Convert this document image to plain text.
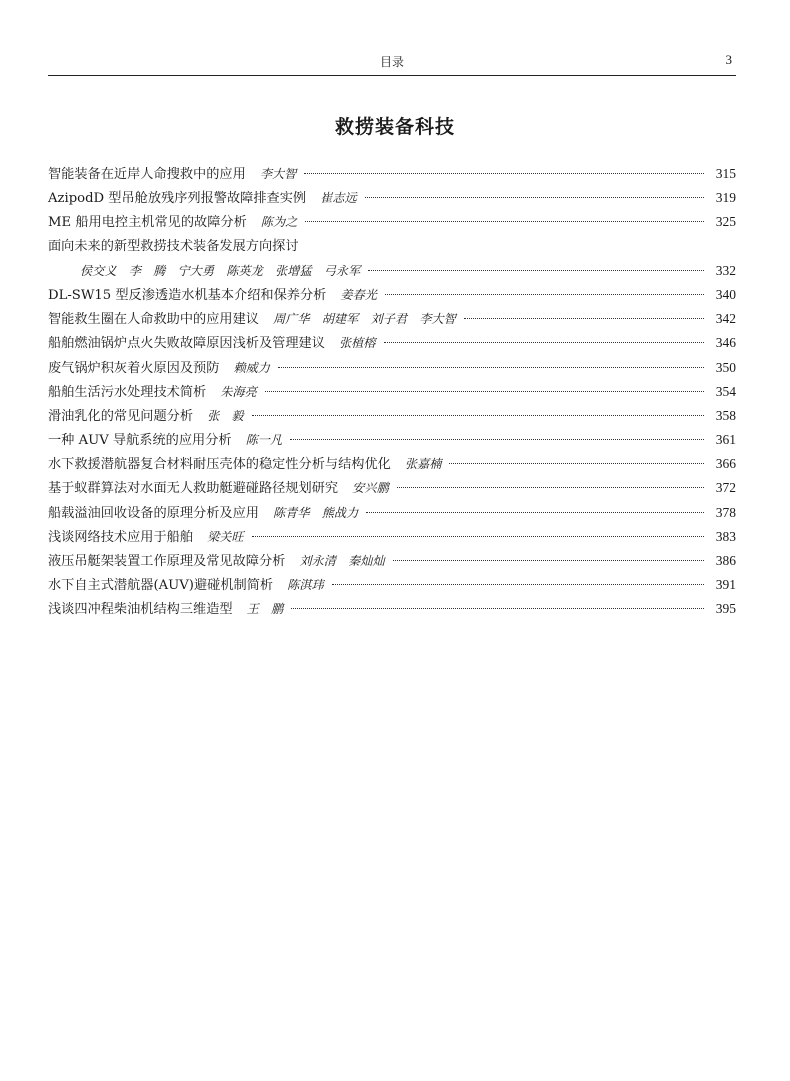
目录	3
救捞装备科技
智能装备在近岸人命搜救中的应用 李大智	315
AzipodD 型吊舱放残序列报警故障排查实例 崔志远	319
ME 船用电控主机常见的故障分析 陈为之	325
面向未来的新型救捞技术装备发展方向探讨
侯交义　李　腾　宁大勇　陈英龙　张增猛　弓永军	332
DL-SW15 型反渗透造水机基本介绍和保养分析 姜春光	340
智能救生圈在人命救助中的应用建议 周广华　胡建军　刘子君　李大智	342
船舶燃油锅炉点火失败故障原因浅析及管理建议 张植榕	346
废气锅炉积灰着火原因及预防 赖威力	350
船舶生活污水处理技术简析 朱海亮	354
滑油乳化的常见问题分析 张　毅	358
一种 AUV 导航系统的应用分析 陈一凡	361
水下救援潜航器复合材料耐压壳体的稳定性分析与结构优化 张嘉楠	366
基于蚁群算法对水面无人救助艇避碰路径规划研究 安兴鹏	372
船载溢油回收设备的原理分析及应用 陈青华　熊战力	378
浅谈网络技术应用于船舶 梁关旺	383
液压吊艇架装置工作原理及常见故障分析 刘永清　秦灿灿	386
水下自主式潜航器(AUV)避碰机制简析 陈淇玮	391
浅谈四冲程柴油机结构三维造型 王　鹏	395
